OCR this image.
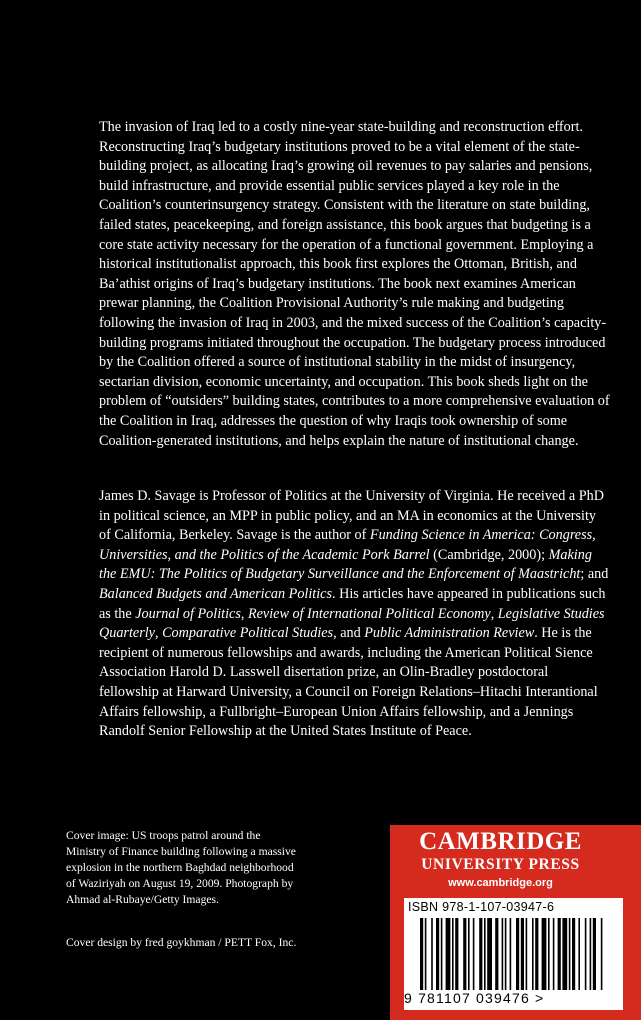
The invasion of Iraq led to a costly nine-year state-building and reconstruction effort. Reconstructing Iraq’s budgetary institutions proved to be a vital element of the state-building project, as allocating Iraq’s growing oil revenues to pay salaries and pensions, build infrastructure, and provide essential public services played a key role in the Coalition’s counterinsurgency strategy. Consistent with the literature on state building, failed states, peacekeeping, and foreign assistance, this book argues that budgeting is a core state activity necessary for the operation of a functional government. Employing a historical institutionalist approach, this book first explores the Ottoman, British, and Ba’athist origins of Iraq’s budgetary institutions. The book next examines American prewar planning, the Coalition Provisional Authority’s rule making and budgeting following the invasion of Iraq in 2003, and the mixed success of the Coalition’s capacity-building programs initiated throughout the occupation. The budgetary process introduced by the Coalition offered a source of institutional stability in the midst of insurgency, sectarian division, economic uncertainty, and occupation. This book sheds light on the problem of “outsiders” building states, contributes to a more comprehensive evaluation of the Coalition in Iraq, addresses the question of why Iraqis took ownership of some Coalition-generated institutions, and helps explain the nature of institutional change.

James D. Savage is Professor of Politics at the University of Virginia. He received a PhD in political science, an MPP in public policy, and an MA in economics at the University of California, Berkeley. Savage is the author of Funding Science in America: Congress, Universities, and the Politics of the Academic Pork Barrel (Cambridge, 2000); Making the EMU: The Politics of Budgetary Surveillance and the Enforcement of Maastricht; and Balanced Budgets and American Politics. His articles have appeared in publications such as the Journal of Politics, Review of International Political Economy, Legislative Studies Quarterly, Comparative Political Studies, and Public Administration Review. He is the recipient of numerous fellowships and awards, including the American Political Sience Association Harold D. Lasswell disertation prize, an Olin-Bradley postdoctoral fellowship at Harward University, a Council on Foreign Relations–Hitachi Interantional Affairs fellowship, a Fullbright–European Union Affairs fellowship, and a Jennings Randolf Senior Fellowship at the United States Institute of Peace.

Cover image: US troops patrol around the Ministry of Finance building following a massive explosion in the northern Baghdad neighborhood of Waziriyah on August 19, 2009. Photograph by Ahmad al-Rubaye/Getty Images.

Cover design by fred goykhman / PETT Fox, Inc.

CAMBRIDGE
UNIVERSITY PRESS
www.cambridge.org
ISBN 978-1-107-03947-6
9 781107 039476 >
